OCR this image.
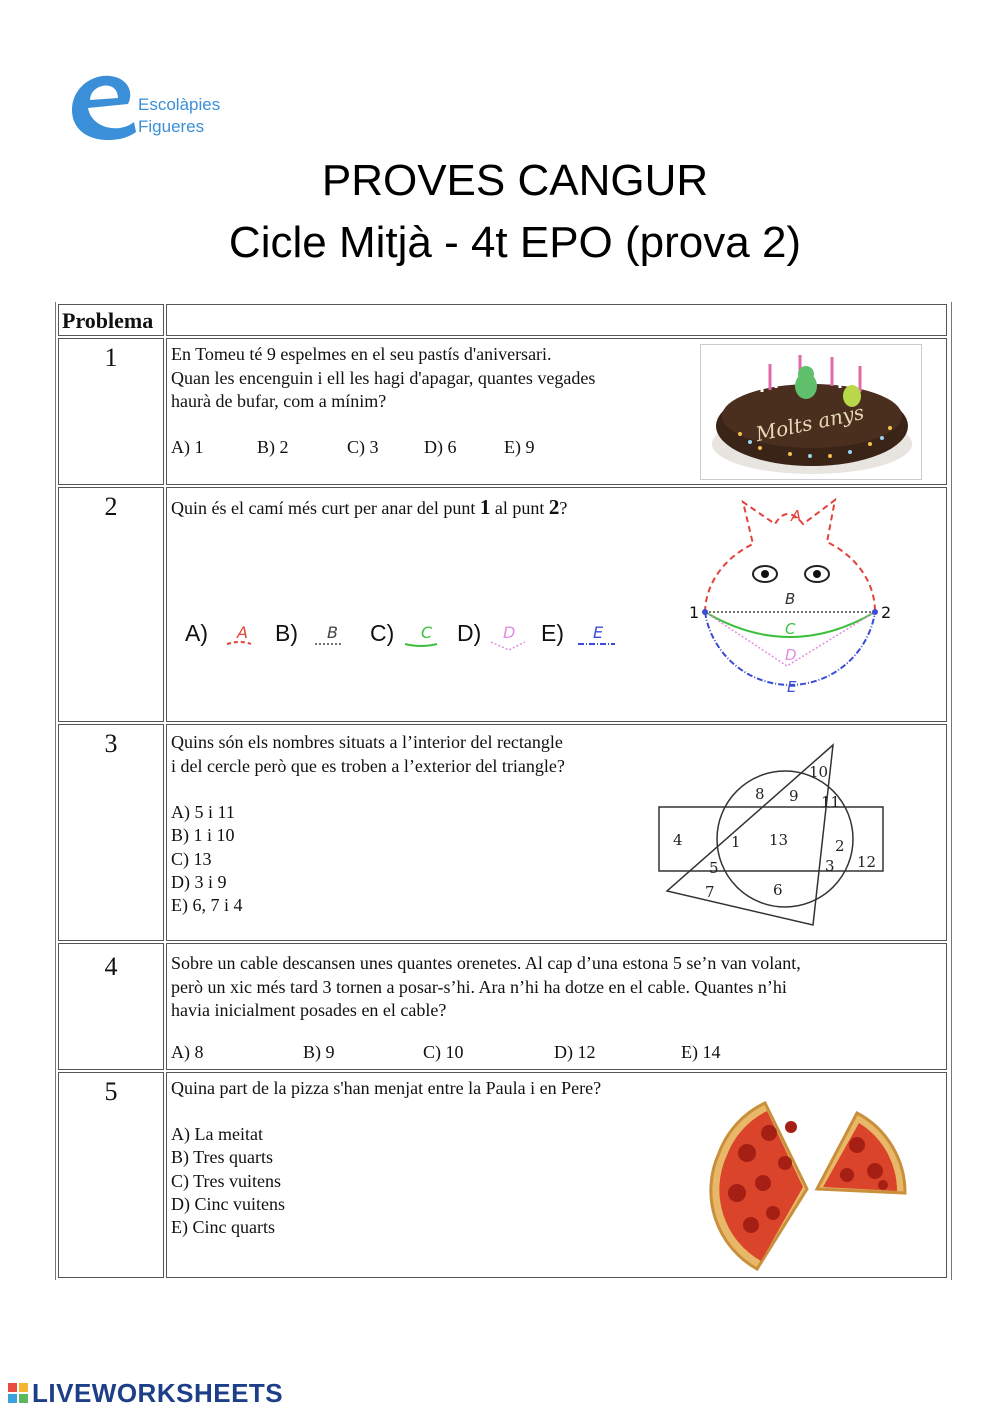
Escolàpies
Figueres
PROVES CANGUR
Cicle Mitjà - 4t EPO (prova 2)
Problema
1	En Tomeu té 9 espelmes en el seu pastís d'aniversari.
Quan les encenguin i ell les hagi d'apagar, quantes vegades
haurà de bufar, com a mínim?
A) 1	B) 2	C) 3	D) 6	E) 9
Molts anys
2	Quin és el camí més curt per anar del punt 1 al punt 2?
A)	B)	C)	D)	E)
A	B	C	D	E
A
B
C
D
E
1	2
3	Quins són els nombres situats a l’interior del rectangle
i del cercle però que es troben a l’exterior del triangle?
A) 5 i 11
B) 1 i 10
C) 13
D) 3 i 9
E) 6, 7 i 4
1	2
3
4
5
6
7
8 9
10
11
12
13
4	Sobre un cable descansen unes quantes orenetes. Al cap d’una estona 5 se’n van volant,
però un xic més tard 3 tornen a posar-s’hi. Ara n’hi ha dotze en el cable. Quantes n’hi
havia inicialment posades en el cable?
A) 8	B) 9	C) 10	D) 12	E) 14
5	Quina part de la pizza s'han menjat entre la Paula i en Pere?
A) La meitat
B) Tres quarts
C) Tres vuitens
D) Cinc vuitens
E) Cinc quarts
LIVEWORKSHEETS
